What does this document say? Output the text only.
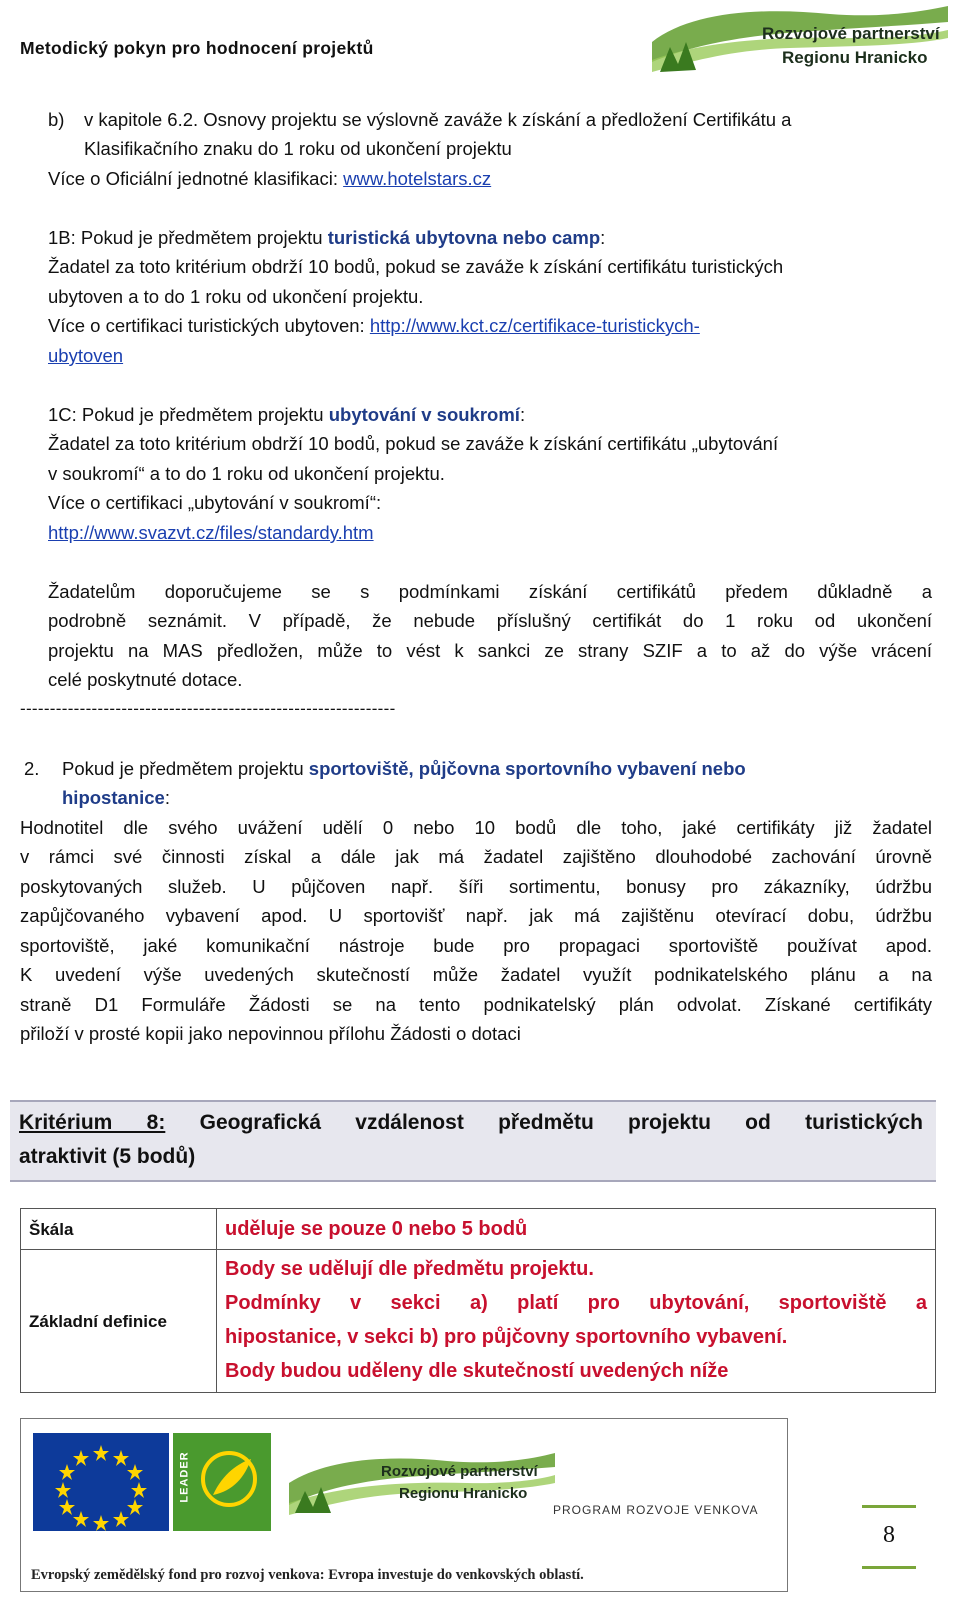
Metodický pokyn pro hodnocení projektů
Rozvojové partnerství
Regionu Hranicko
b) v kapitole 6.2. Osnovy projektu se výslovně zaváže k získání a předložení Certifikátu a
Klasifikačního znaku do 1 roku od ukončení projektu
Více o Oficiální jednotné klasifikaci: www.hotelstars.cz
1B: Pokud je předmětem projektu turistická ubytovna nebo camp:
Žadatel za toto kritérium obdrží 10 bodů, pokud se zaváže k získání certifikátu turistických
ubytoven a to do 1 roku od ukončení projektu.
Více o certifikaci turistických ubytoven: http://www.kct.cz/certifikace-turistickych-
ubytoven
1C: Pokud je předmětem projektu ubytování v soukromí:
Žadatel za toto kritérium obdrží 10 bodů, pokud se zaváže k získání certifikátu „ubytování
v soukromí“ a to do 1 roku od ukončení projektu.
Více o certifikaci „ubytování v soukromí“:
http://www.svazvt.cz/files/standardy.htm
Žadatelům doporučujeme se s podmínkami získání certifikátů předem důkladně a
podrobně seznámit. V případě, že nebude příslušný certifikát do 1 roku od ukončení
projektu na MAS předložen, může to vést k sankci ze strany SZIF a to až do výše vrácení
celé poskytnuté dotace.
---------------------------------------------------------------
2. Pokud je předmětem projektu sportoviště, půjčovna sportovního vybavení nebo
hipostanice:
Hodnotitel dle svého uvážení udělí 0 nebo 10 bodů dle toho, jaké certifikáty již žadatel
v rámci své činnosti získal a dále jak má žadatel zajištěno dlouhodobé zachování úrovně
poskytovaných služeb. U půjčoven např. šíři sortimentu, bonusy pro zákazníky, údržbu
zapůjčovaného vybavení apod. U sportovišť např. jak má zajištěnu otevírací dobu, údržbu
sportoviště, jaké komunikační nástroje bude pro propagaci sportoviště používat apod.
K uvedení výše uvedených skutečností může žadatel využít podnikatelského plánu a na
straně D1 Formuláře Žádosti se na tento podnikatelský plán odvolat. Získané certifikáty
přiloží v prosté kopii jako nepovinnou přílohu Žádosti o dotaci
Kritérium 8: Geografická vzdálenost předmětu projektu od turistických
atraktivit (5 bodů)
Škála	uděluje se pouze 0 nebo 5 bodů
Základní definice	Body se udělují dle předmětu projektu.
Podmínky v sekci a) platí pro ubytování, sportoviště a
hipostanice, v sekci b) pro půjčovny sportovního vybavení.
Body budou uděleny dle skutečností uvedených níže
LEADER	Rozvojové partnerství
Regionu Hranicko
PROGRAM ROZVOJE VENKOVA
Evropský zemědělský fond pro rozvoj venkova: Evropa investuje do venkovských oblastí.
8
